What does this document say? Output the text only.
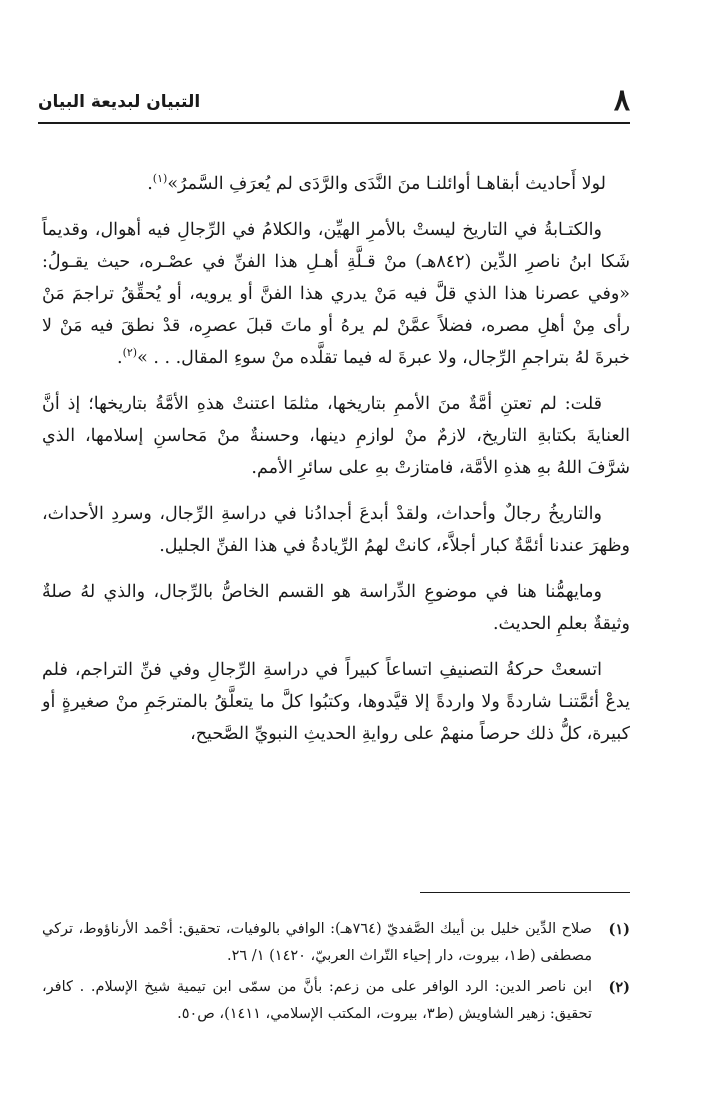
٨
التبيان لبديعة البيان

لولا أَحاديث أبقاهـا أوائلنـا منَ النَّدَى والرَّدَى لم يُعرَفِ السَّمرُ»$^{(١)}$.

والكتـابةُ في التاريخ ليستْ بالأمرِ الهيِّن، والكلامُ في الرِّجالِ فيه أهوال، وقديماً شَكا ابنُ ناصرِ الدِّين (٨٤٢هـ) منْ قـلَّةِ أهـلِ هذا الفنِّ في عصْـره، حيث يقـولُ: «وفي عصرنا هذا الذي قلَّ فيه مَنْ يدري هذا الفنَّ أو يرويه، أو يُحقِّقُ تراجمَ مَنْ رأى مِنْ أهلِ مصره، فضلاً عمَّنْ لم يرهُ أو ماتَ قبلَ عصرِه، قدْ نطقَ فيه مَنْ لا خبرةَ لهُ بتراجمِ الرِّجال، ولا عبرةَ له فيما تقلَّده منْ سوءِ المقال. . . »$^{(٢)}$.

قلت: لم تعتنِ أمَّةٌ منَ الأممِ بتاريخها، مثلمَا اعتنتْ هذهِ الأمَّةُ بتاريخها؛ إذ أنَّ العنايةَ بكتابةِ التاريخ، لازمٌ منْ لوازمِ دينها، وحسنةٌ منْ مَحاسنِ إسلامها، الذي شرَّفَ اللهُ بهِ هذهِ الأمَّة، فامتازتْ بهِ على سائرِ الأمم.

والتاريخُ رجالٌ وأحداث، ولقدْ أبدعَ أجدادُنا في دراسةِ الرِّجال، وسردِ الأحداث، وظهرَ عندنا أئمَّةٌ كبار أجلاَّء، كانتْ لهمُ الرِّيادةُ في هذا الفنِّ الجليل.

ومايهمُّنا هنا في موضوعِ الدِّراسة هو القسم الخاصُّ بالرِّجال، والذي لهُ صلةٌ وثيقةٌ بعلمِ الحديث.

اتسعتْ حركةُ التصنيفِ اتساعاً كبيراً في دراسةِ الرِّجالِ وفي فنِّ التراجم، فلم يدعْ أئمَّتنـا شاردةً ولا واردةً إلا قيَّدوها، وكتبُوا كلَّ ما يتعلَّقُ بالمترجَمِ منْ صغيرةٍ أو كبيرة، كلُّ ذلك حرصاً منهمْ على روايةِ الحديثِ النبويِّ الصَّحيح،

(١)
صلاح الدِّين خليل بن أيبك الصَّفديّ (٧٦٤هـ): الوافي بالوفيات، تحقيق: أحْمد الأرناؤوط، تركي مصطفى (ط١، بيروت، دار إحياء التّراث العربيّ، ١٤٢٠) ١/ ٢٦.
(٢)
ابن ناصر الدين: الرد الوافر على من زعم: بأنَّ من سمّى ابن تيمية شيخ الإسلام. . كافر، تحقيق: زهير الشاويش (ط٣، بيروت، المكتب الإسلامي، ١٤١١)، ص٥٠.
